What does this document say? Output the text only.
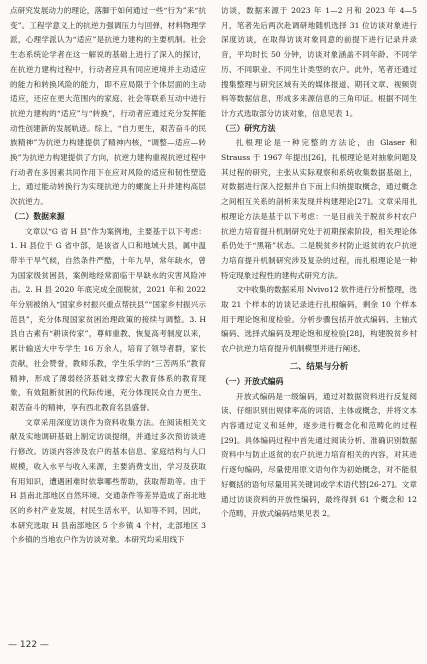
点研究发展动力的理论，落脚于如何通过一些“行为”来“抗变”。工程学意义上的抗逆力强调压力与回弹，材料物理学派，心理学派认为“适应”是抗逆力建构的主要机制。社会生态系统论学者在这一解说的基础上进行了深入的探讨，在抗逆力建构过程中，行动者应具有同应逆境并主动适应的能力和转换风险的能力，即不应局限于个体层面的主动适应，还应在更大范围内的家庭、社会等联系互动中进行抗逆力建构的“适应”与“转换”，行动者应通过充分发挥能动性创建新的发展轨迹。综上，“自力更生，艰苦奋斗的民族精神”为抗逆力构建提供了精神内核，“调整—适应—转换”为抗逆力构建提供了方向，抗逆力建构重视抗逆过程中行动者在多因素共同作用下在应对风险的适应和韧性塑造上，通过能动转换行为实现抗逆力的螺旋上升并建构高层次抗逆力。

（二）数据来源

文章以“G 省 H 县”作为案例地，主要基于以下考虑：1. H 县位于 G 省中部，是该省人口和地域大县，属中温带半干旱气候，自然条件严酷，十年九旱，常年缺水，曾为国家级贫困县，案例地经常面临干旱缺水的灾害风险冲击。2. H 县 2020 年底完成全面脱贫，2021 年和 2022 年分别被纳入“国家乡村振兴重点帮扶县”“国家乡村振兴示范县”，充分体现国家贫困治理政策的接续与调整。3. H 县自古素有“耕读传家”，尊师重教、恢复高考制度以来，累计输送大中专学生 16 万余人，培育了领导者群，家长贡献，社会赞誉，教师乐教，学生乐学的“三苦两乐”教育精神，形成了薄弱经济基础支撑宏大教育体系的教育现象，有效阻断贫困的代际传递，充分体现民众自力更生、艰苦奋斗的精神，享有西北教育名县盛誉。

文章采用深度访谈作为资料收集方法。在阅读相关文献及实地调研基础上制定访谈提纲，并通过多次预访谈进行修改。访谈内容涉及农户的基本信息、家庭结构与人口规模，收入水平与收入来源，主要消费支出，学习及获取有用知识，遭遇困难时依靠哪些帮助，获取帮助等。由于 H 县南北部地区自然环境、交通条件等差异造成了南北地区的乡村产业发展，村民生活水平，认知等不同，因此，本研究选取 H 县南部地区 5 个乡镇 4 个村，北部地区 3 个乡镇的当地农户作为访谈对象。本研究均采用线下

访谈，数据来源于 2023 年 1—2 月和 2023 年 4—5 月，笔者先后两次赴调研地随机选择 31 位访谈对象进行深度访谈，在取得访谈对象同意的前提下进行记录并录音，平均时长 50 分钟，访谈对象涵盖不同年龄、不同学历、不同职业、不同生计类型的农户。此外，笔者还通过搜集整理与研究区域有关的媒体报道、期刊文章、视频资料等数据信息，形成多来源信息的三角印证。根据不同生计方式选取部分访谈对象，信息见表 1。

（三）研究方法

扎根理论是一种完整的方法论，由 Glaser 和 Strauss 于 1967 年提出[26]，扎根理论是对抽象问题及其过程的研究，主张从实际观察和系统收集数据基础上，对数据进行深入挖掘并自下而上归纳提取概念，通过概念之间相互关系的剖析来发现并构建理论[27]。文章采用扎根理论方法是基于以下考虑：一是目前关于脱贫乡村农户抗逆力培育提升机制研究处于初期探索阶段，相关理论体系仍处于“黑箱”状态。二是脱贫乡村防止返贫的农户抗逆力培育提升机制研究涉及复杂的过程，而扎根理论是一种特定现象过程性的建构式研究方法。

文中收集的数据采用 Nvivo12 软件进行分析整理，选取 21 个样本的访谈记录进行扎根编码，剩余 10 个样本用于理论饱和度检验。分析步骤包括开放式编码、主轴式编码、选择式编码及理论饱和度检验[28]，构建脱贫乡村农户抗逆力培育提升机制模型并进行阐述。

二、结果与分析

（一）开放式编码

开放式编码是一级编码，通过对数据资料进行反复阅读、仔细识别出规律率高的词语、主体或概念，并将文本内容通过定义和延伸，逐步进行概念化和范畴化的过程[29]。具体编码过程中首先通过阅读分析、准确识别数据资料中与防止返贫的农户抗逆力培育相关的内容，对其进行逐句编码，尽量使用原文语句作为初始概念，对不能很好概括的语句尽量用其关键词或学术语代替[26-27]。文章通过访谈资料的开放性编码，最终得到 61 个概念和 12 个范畴，开放式编码结果见表 2。

— 122 —
